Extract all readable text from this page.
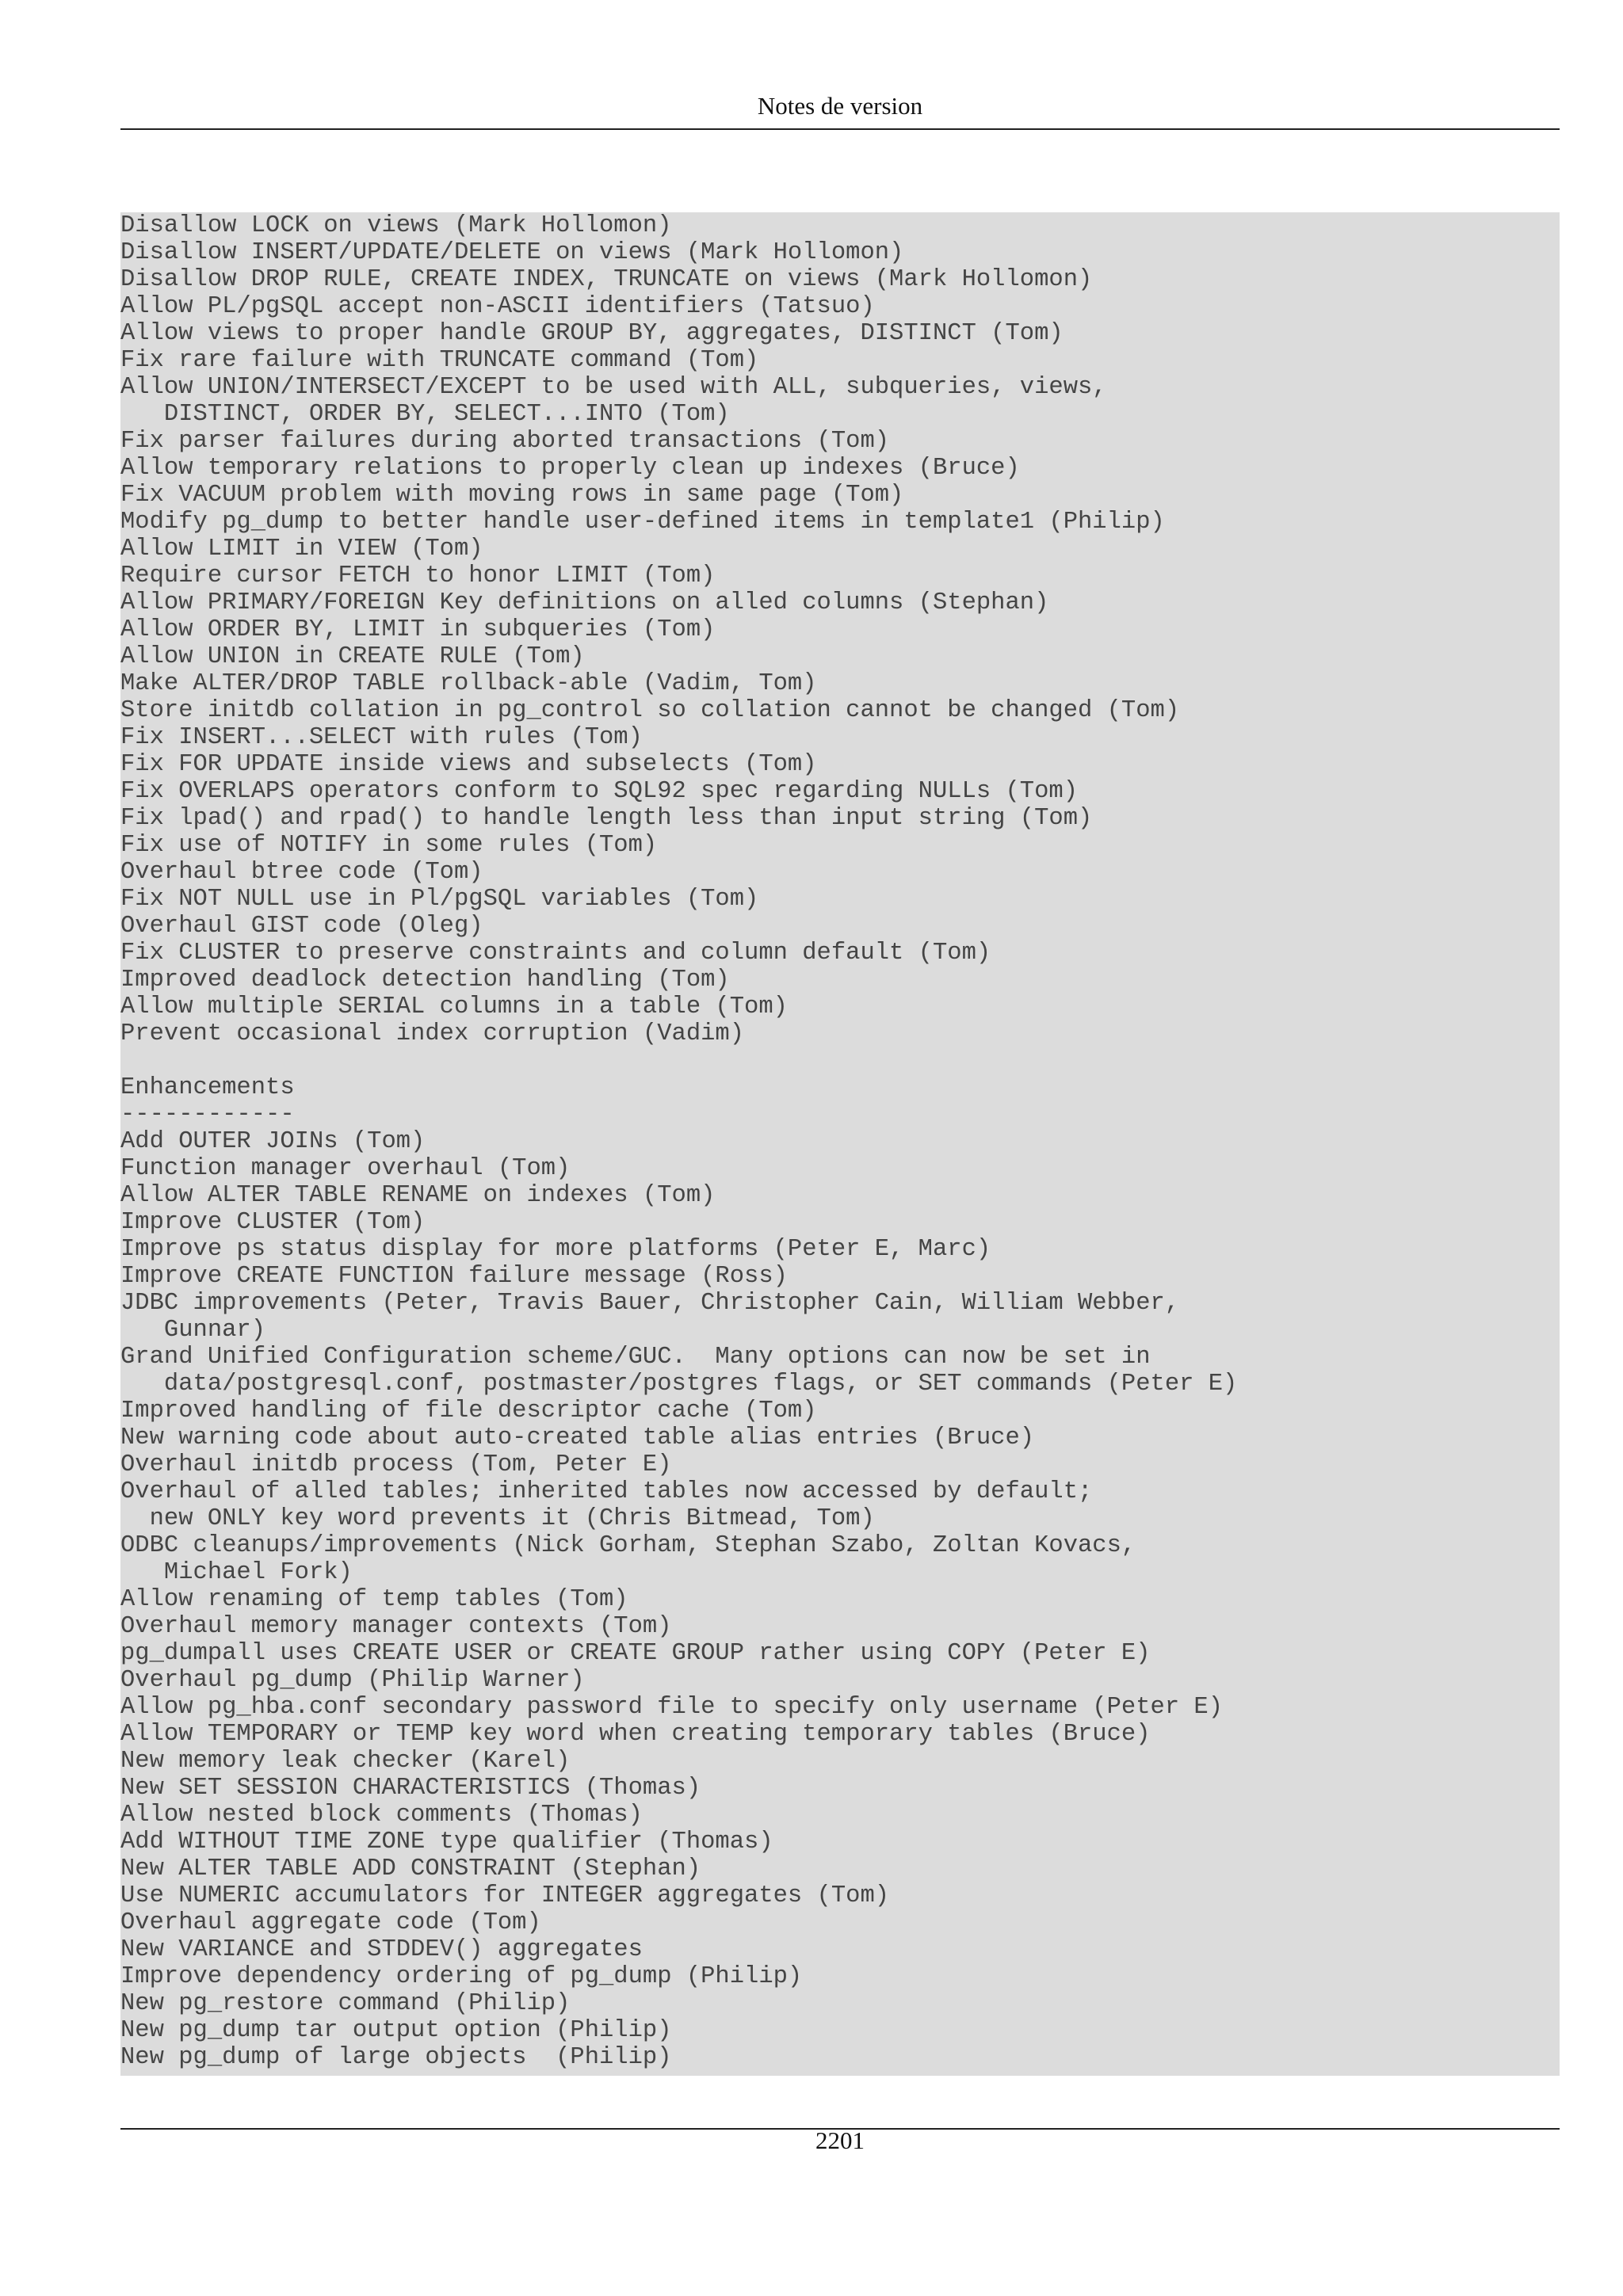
Notes de version
Disallow LOCK on views (Mark Hollomon)
Disallow INSERT/UPDATE/DELETE on views (Mark Hollomon)
Disallow DROP RULE, CREATE INDEX, TRUNCATE on views (Mark Hollomon)
Allow PL/pgSQL accept non-ASCII identifiers (Tatsuo)
Allow views to proper handle GROUP BY, aggregates, DISTINCT (Tom)
Fix rare failure with TRUNCATE command (Tom)
Allow UNION/INTERSECT/EXCEPT to be used with ALL, subqueries, views,
DISTINCT, ORDER BY, SELECT...INTO (Tom)
Fix parser failures during aborted transactions (Tom)
Allow temporary relations to properly clean up indexes (Bruce)
Fix VACUUM problem with moving rows in same page (Tom)
Modify pg_dump to better handle user-defined items in template1 (Philip)
Allow LIMIT in VIEW (Tom)
Require cursor FETCH to honor LIMIT (Tom)
Allow PRIMARY/FOREIGN Key definitions on alled columns (Stephan)
Allow ORDER BY, LIMIT in subqueries (Tom)
Allow UNION in CREATE RULE (Tom)
Make ALTER/DROP TABLE rollback-able (Vadim, Tom)
Store initdb collation in pg_control so collation cannot be changed (Tom)
Fix INSERT...SELECT with rules (Tom)
Fix FOR UPDATE inside views and subselects (Tom)
Fix OVERLAPS operators conform to SQL92 spec regarding NULLs (Tom)
Fix lpad() and rpad() to handle length less than input string (Tom)
Fix use of NOTIFY in some rules (Tom)
Overhaul btree code (Tom)
Fix NOT NULL use in Pl/pgSQL variables (Tom)
Overhaul GIST code (Oleg)
Fix CLUSTER to preserve constraints and column default (Tom)
Improved deadlock detection handling (Tom)
Allow multiple SERIAL columns in a table (Tom)
Prevent occasional index corruption (Vadim)
Enhancements
------------
Add OUTER JOINs (Tom)
Function manager overhaul (Tom)
Allow ALTER TABLE RENAME on indexes (Tom)
Improve CLUSTER (Tom)
Improve ps status display for more platforms (Peter E, Marc)
Improve CREATE FUNCTION failure message (Ross)
JDBC improvements (Peter, Travis Bauer, Christopher Cain, William Webber,
Gunnar)
Grand Unified Configuration scheme/GUC.  Many options can now be set in
data/postgresql.conf, postmaster/postgres flags, or SET commands (Peter E)
Improved handling of file descriptor cache (Tom)
New warning code about auto-created table alias entries (Bruce)
Overhaul initdb process (Tom, Peter E)
Overhaul of alled tables; inherited tables now accessed by default;
new ONLY key word prevents it (Chris Bitmead, Tom)
ODBC cleanups/improvements (Nick Gorham, Stephan Szabo, Zoltan Kovacs,
Michael Fork)
Allow renaming of temp tables (Tom)
Overhaul memory manager contexts (Tom)
pg_dumpall uses CREATE USER or CREATE GROUP rather using COPY (Peter E)
Overhaul pg_dump (Philip Warner)
Allow pg_hba.conf secondary password file to specify only username (Peter E)
Allow TEMPORARY or TEMP key word when creating temporary tables (Bruce)
New memory leak checker (Karel)
New SET SESSION CHARACTERISTICS (Thomas)
Allow nested block comments (Thomas)
Add WITHOUT TIME ZONE type qualifier (Thomas)
New ALTER TABLE ADD CONSTRAINT (Stephan)
Use NUMERIC accumulators for INTEGER aggregates (Tom)
Overhaul aggregate code (Tom)
New VARIANCE and STDDEV() aggregates
Improve dependency ordering of pg_dump (Philip)
New pg_restore command (Philip)
New pg_dump tar output option (Philip)
New pg_dump of large objects  (Philip)
2201
